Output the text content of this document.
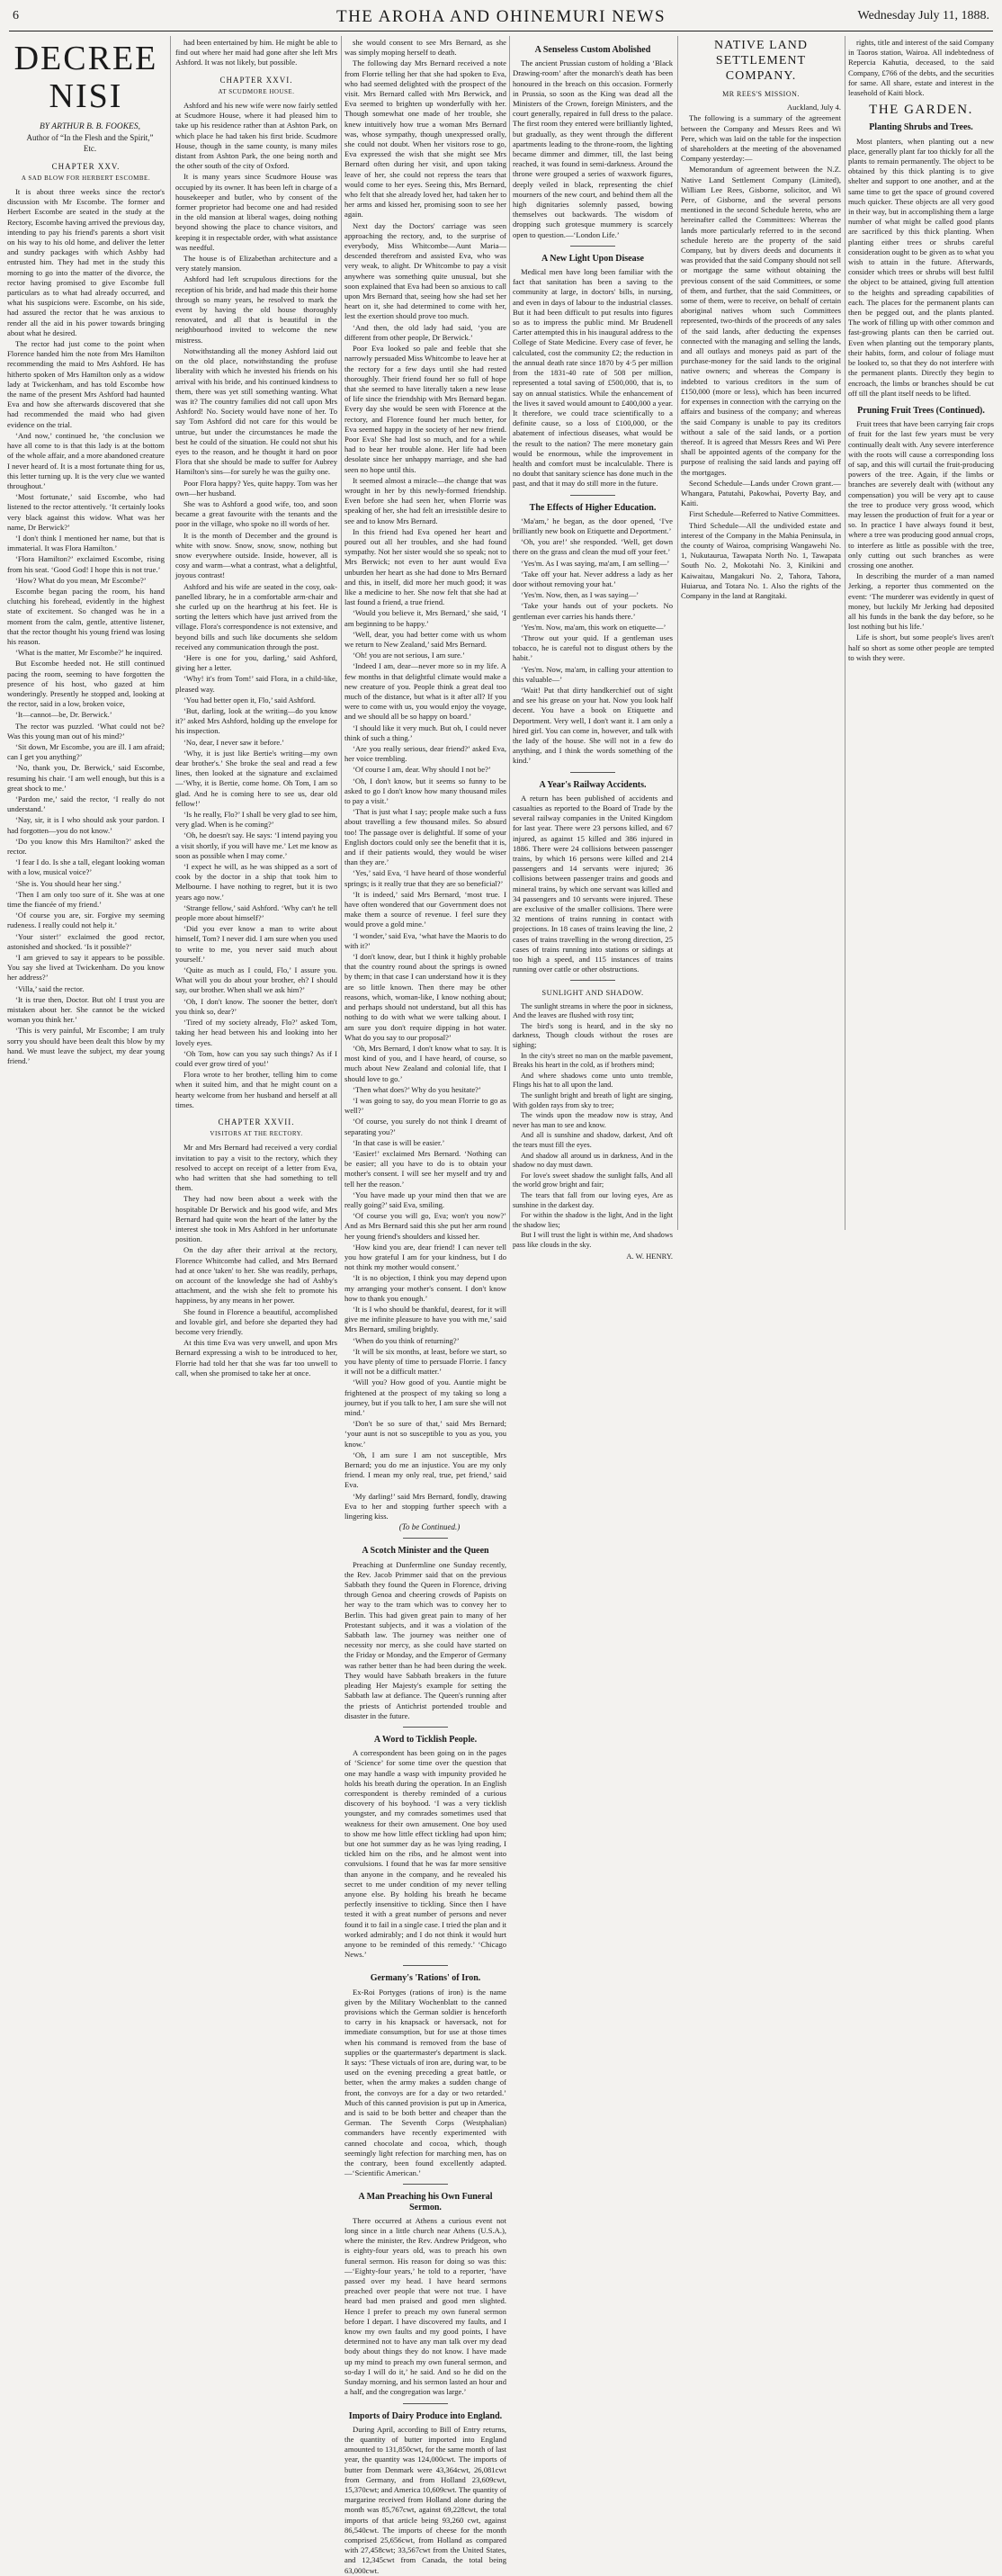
6	THE AROHA AND OHINEMURI NEWS	Wednesday July 11, 1888.
DECREE NISI

BY ARTHUR B. B. FOOKES,

Author of “In the Flesh and the Spirit,”

Etc.

CHAPTER XXV.
A SAD BLOW FOR HERBERT ESCOMBE.

It is about three weeks since the rector's discussion with Mr Escombe. The former and Herbert Escombe are seated in the study at the Rectory, Escombe having arrived the previous day, intending to pay his friend's parents a short visit on his way to his old home, and deliver the letter and sundry packages with which Ashby had entrusted him. They had met in the study this morning to go into the matter of the divorce, the rector having promised to give Escombe full particulars as to what had already occurred, and what his suspicions were. Escombe, on his side, had assured the rector that he was anxious to render all the aid in his power towards bringing about what he desired.

The rector had just come to the point when Florence handed him the note from Mrs Hamilton recommending the maid to Mrs Ashford. He has hitherto spoken of Mrs Hamilton only as a widow lady at Twickenham, and has told Escombe how the name of the present Mrs Ashford had haunted Eva and how she afterwards discovered that she had recommended the maid who had given evidence on the trial.

‘And now,’ continued he, ‘the conclusion we have all come to is that this lady is at the bottom of the whole affair, and a more abandoned creature I never heard of. It is a most fortunate thing for us, this letter turning up. It is the very clue we wanted throughout.’

‘Most fortunate,’ said Escombe, who had listened to the rector attentively. ‘It certainly looks very black against this widow. What was her name, Dr Berwick?’

‘I don't think I mentioned her name, but that is immaterial. It was Flora Hamilton.’

‘Flora Hamilton?’ exclaimed Escombe, rising from his seat. ‘Good God! I hope this is not true.’

‘How? What do you mean, Mr Escombe?’

Escombe began pacing the room, his hand clutching his forehead, evidently in the highest state of excitement. So changed was he in a moment from the calm, gentle, attentive listener, that the rector thought his young friend was losing his reason.

‘What is the matter, Mr Escombe?’ he inquired.

But Escombe heeded not. He still continued pacing the room, seeming to have forgotten the presence of his host, who gazed at him wonderingly. Presently he stopped and, looking at the rector, said in a low, broken voice,

‘It—cannot—be, Dr. Berwick.’

The rector was puzzled. ‘What could not be? Was this young man out of his mind?’

‘Sit down, Mr Escombe, you are ill. I am afraid; can I get you anything?’

‘No, thank you, Dr. Berwick,’ said Escombe, resuming his chair. ‘I am well enough, but this is a great shock to me.’

‘Pardon me,’ said the rector, ‘I really do not understand.’

‘Nay, sir, it is I who should ask your pardon. I had forgotten—you do not know.’

‘Do you know this Mrs Hamilton?’ asked the rector.

‘I fear I do. Is she a tall, elegant looking woman with a low, musical voice?’

‘She is. You should hear her sing.’

‘Then I am only too sure of it. She was at one time the fiancée of my friend.’

‘Of course you are, sir. Forgive my seeming rudeness. I really could not help it.’

‘Your sister!’ exclaimed the good rector, astonished and shocked. ‘Is it possible?’

‘I am grieved to say it appears to be possible. You say she lived at Twickenham. Do you know her address?’

‘Villa,’ said the rector.

‘It is true then, Doctor. But oh! I trust you are mistaken about her. She cannot be the wicked woman you think her.’

‘This is very painful, Mr Escombe; I am truly sorry you should have been dealt this blow by my hand. We must leave the subject, my dear young friend.’

had been entertained by him. He might be able to find out where her maid had gone after she left Mrs Ashford. It was not likely, but possible.

CHAPTER XXVI.
AT SCUDMORE HOUSE.

Ashford and his new wife were now fairly settled at Scudmore House, where it had pleased him to take up his residence rather than at Ashton Park, on which place he had taken his first bride. Scudmore House, though in the same county, is many miles distant from Ashton Park, the one being north and the other south of the city of Oxford.

It is many years since Scudmore House was occupied by its owner. It has been left in charge of a housekeeper and butler, who by consent of the former proprietor had become one and had resided in the old mansion at liberal wages, doing nothing beyond showing the place to chance visitors, and keeping it in respectable order, with what assistance was needful.

The house is of Elizabethan architecture and a very stately mansion.

Ashford had left scrupulous directions for the reception of his bride, and had made this their home through so many years, he resolved to mark the event by having the old house thoroughly renovated, and all that is beautiful in the neighbourhood invited to welcome the new mistress.

Notwithstanding all the money Ashford laid out on the old place, notwithstanding the profuse liberality with which he invested his friends on his arrival with his bride, and his continued kindness to them, there was yet still something wanting. What was it? The country families did not call upon Mrs Ashford! No. Society would have none of her. To say Tom Ashford did not care for this would be untrue, but under the circumstances he made the best he could of the situation. He could not shut his eyes to the reason, and he thought it hard on poor Flora that she should be made to suffer for Aubrey Hamilton's sins—for surely he was the guilty one.

Poor Flora happy? Yes, quite happy. Tom was her own—her husband.

She was to Ashford a good wife, too, and soon became a great favourite with the tenants and the poor in the village, who spoke no ill words of her.

It is the month of December and the ground is white with snow. Snow, snow, snow, nothing but snow everywhere outside. Inside, however, all is cosy and warm—what a contrast, what a delightful, joyous contrast!

Ashford and his wife are seated in the cosy, oak-panelled library, he in a comfortable arm-chair and she curled up on the hearthrug at his feet. He is sorting the letters which have just arrived from the village. Flora's correspondence is not extensive, and beyond bills and such like documents she seldom received any communication through the post.

‘Here is one for you, darling,’ said Ashford, giving her a letter.

‘Why! it's from Tom!’ said Flora, in a child-like, pleased way.

‘You had better open it, Flo,’ said Ashford.

‘But, darling, look at the writing—do you know it?’ asked Mrs Ashford, holding up the envelope for his inspection.

‘No, dear, I never saw it before.’

‘Why, it is just like Bertie's writing—my own dear brother's.’ She broke the seal and read a few lines, then looked at the signature and exclaimed—‘Why, it is Bertie, come home. Oh Tom, I am so glad. And he is coming here to see us, dear old fellow!’

‘Is he really, Flo?’ I shall be very glad to see him, very glad. When is he coming?’

‘Oh, he doesn't say. He says: ‘I intend paying you a visit shortly, if you will have me.’ Let me know as soon as possible when I may come.’

‘I expect he will, as he was shipped as a sort of cook by the doctor in a ship that took him to Melbourne. I have nothing to regret, but it is two years ago now.’

‘Strange fellow,’ said Ashford. ‘Why can't he tell people more about himself?’

‘Did you ever know a man to write about himself, Tom? I never did. I am sure when you used to write to me, you never said much about yourself.’

‘Quite as much as I could, Flo,’ I assure you. What will you do about your brother, eh? I should say, our brother. When shall we ask him?’

‘Oh, I don't know. The sooner the better, don't you think so, dear?’

‘Tired of my society already, Flo?’ asked Tom, taking her head between his and looking into her lovely eyes.

‘Oh Tom, how can you say such things? As if I could ever grow tired of you!’

Flora wrote to her brother, telling him to come when it suited him, and that he might count on a hearty welcome from her husband and herself at all times.

CHAPTER XXVII.
VISITORS AT THE RECTORY.

Mr and Mrs Bernard had received a very cordial invitation to pay a visit to the rectory, which they resolved to accept on receipt of a letter from Eva, who had written that she had something to tell them.

They had now been about a week with the hospitable Dr Berwick and his good wife, and Mrs Bernard had quite won the heart of the latter by the interest she took in Mrs Ashford in her unfortunate position.

On the day after their arrival at the rectory, Florence Whitcombe had called, and Mrs Bernard had at once 'taken' to her. She was readily, perhaps, on account of the knowledge she had of Ashby's attachment, and the wish she felt to promote his happiness, by any means in her power.

She found in Florence a beautiful, accomplished and lovable girl, and before she departed they had become very friendly.

At this time Eva was very unwell, and upon Mrs Bernard expressing a wish to be introduced to her, Florrie had told her that she was far too unwell to call, when she promised to take her at once.

she would consent to see Mrs Bernard, as she was simply moping herself to death.

The following day Mrs Bernard received a note from Florrie telling her that she had spoken to Eva, who had seemed delighted with the prospect of the visit. Mrs Bernard called with Mrs Berwick, and Eva seemed to brighten up wonderfully with her. Though somewhat one made of her trouble, she knew intuitively how true a woman Mrs Bernard was, whose sympathy, though unexpressed orally, she could not doubt. When her visitors rose to go, Eva expressed the wish that she might see Mrs Bernard often during her visit, and upon taking leave of her, she could not repress the tears that would come to her eyes. Seeing this, Mrs Bernard, who felt that she already loved her, had taken her to her arms and kissed her, promising soon to see her again.

Next day the Doctors' carriage was seen approaching the rectory, and, to the surprise of everybody, Miss Whitcombe—Aunt Maria—descended therefrom and assisted Eva, who was very weak, to alight. Dr Whitcombe to pay a visit anywhere was something quite unusual, but she soon explained that Eva had been so anxious to call upon Mrs Bernard that, seeing how she had set her heart on it, she had determined to come with her, lest the exertion should prove too much.

‘And then, the old lady had said, ‘you are different from other people, Dr Berwick.’

Poor Eva looked so pale and feeble that she narrowly persuaded Miss Whitcombe to leave her at the rectory for a few days until she had rested thoroughly. Their friend found her so full of hope that she seemed to have literally taken a new lease of life since the friendship with Mrs Bernard began. Every day she would be seen with Florence at the rectory, and Florence found her much better, for Eva seemed happy in the society of her new friend. Poor Eva! She had lost so much, and for a while had to bear her trouble alone. Her life had been desolate since her unhappy marriage, and she had seen no hope until this.

It seemed almost a miracle—the change that was wrought in her by this newly-formed friendship. Even before she had seen her, when Florrie was speaking of her, she had felt an irresistible desire to see and to know Mrs Bernard.

In this friend had Eva opened her heart and poured out all her troubles, and she had found sympathy. Not her sister would she so speak; not to Mrs Berwick; not even to her aunt would Eva unburden her heart as she had done to Mrs Bernard and this, in itself, did more her much good; it was like a medicine to her. She now felt that she had at last found a friend, a true friend.

‘Would you believe it, Mrs Bernard,’ she said, ‘I am beginning to be happy.’

‘Well, dear, you had better come with us whom we return to New Zealand,’ said Mrs Bernard.

‘Oh! you are not serious, I am sure.’

‘Indeed I am, dear—never more so in my life. A few months in that delightful climate would make a new creature of you. People think a great deal too much of the distance, but what is it after all? If you were to come with us, you would enjoy the voyage, and we should all be so happy on board.’

‘I should like it very much. But oh, I could never think of such a thing.’

‘Are you really serious, dear friend?’ asked Eva, her voice trembling.

‘Of course I am, dear. Why should I not be?’

‘Oh, I don't know, but it seems so funny to be asked to go I don't know how many thousand miles to pay a visit.’

‘That is just what I say; people make such a fuss about travelling a few thousand miles. So absurd too! The passage over is delightful. If some of your English doctors could only see the benefit that it is, and if their patients would, they would be wiser than they are.’

‘Yes,’ said Eva, ‘I have heard of those wonderful springs; is it really true that they are so beneficial?’

‘It is indeed,’ said Mrs Bernard, ‘most true. I have often wondered that our Government does not make them a source of revenue. I feel sure they would prove a gold mine.’

‘I wonder,’ said Eva, ‘what have the Maoris to do with it?’

‘I don't know, dear, but I think it highly probable that the country round about the springs is owned by them; in that case I can understand how it is they are so little known. Then there may be other reasons, which, woman-like, I know nothing about; and perhaps should not understand, but all this has nothing to do with what we were talking about. I am sure you don't require dipping in hot water. What do you say to our proposal?’

‘Oh, Mrs Bernard, I don't know what to say. It is most kind of you, and I have heard, of course, so much about New Zealand and colonial life, that I should love to go.’

‘Then what does?’ Why do you hesitate?’

‘I was going to say, do you mean Florrie to go as well?’

‘Of course, you surely do not think I dreamt of separating you?’

‘In that case is will be easier.’

‘Easier!’ exclaimed Mrs Bernard. ‘Nothing can be easier; all you have to do is to obtain your mother's consent. I will see her myself and try and tell her the reason.’

‘You have made up your mind then that we are really going?’ said Eva, smiling.

‘Of course you will go, Eva; won't you now?’ And as Mrs Bernard said this she put her arm round her young friend's shoulders and kissed her.

‘How kind you are, dear friend! I can never tell you how grateful I am for your kindness, but I do not think my mother would consent.’

‘It is no objection, I think you may depend upon my arranging your mother's consent. I don't know how to thank you enough.’

‘It is I who should be thankful, dearest, for it will give me infinite pleasure to have you with me,’ said Mrs Bernard, smiling brightly.

‘When do you think of returning?’

‘It will be six months, at least, before we start, so you have plenty of time to persuade Florrie. I fancy it will not be a difficult matter.’

‘Will you? How good of you. Auntie might be frightened at the prospect of my taking so long a journey, but if you talk to her, I am sure she will not mind.’

‘Don't be so sure of that,’ said Mrs Bernard; ‘your aunt is not so susceptible to you as you, you know.’

‘Oh, I am sure I am not susceptible, Mrs Bernard; you do me an injustice. You are my only friend. I mean my only real, true, pet friend,’ said Eva.

‘My darling!’ said Mrs Bernard, fondly, drawing Eva to her and stopping further speech with a lingering kiss.

(To be Continued.)

A Scotch Minister and the Queen

Preaching at Dunfermline one Sunday recently, the Rev. Jacob Primmer said that on the previous Sabbath they found the Queen in Florence, driving through Genoa and cheering crowds of Papists on her way to the tram which was to convey her to Berlin. This had given great pain to many of her Protestant subjects, and it was a violation of the Sabbath law. The journey was neither one of necessity nor mercy, as she could have started on the Friday or Monday, and the Emperor of Germany was rather better than he had been during the week. They would have Sabbath breakers in the future pleading Her Majesty's example for setting the Sabbath law at defiance. The Queen's running after the priests of Antichrist portended trouble and disaster in the future.

A Word to Ticklish People.

A correspondent has been going on in the pages of ‘Science’ for some time over the question that one may handle a wasp with impunity provided he holds his breath during the operation. In an English correspondent is thereby reminded of a curious discovery of his boyhood. ‘I was a very ticklish youngster, and my comrades sometimes used that weakness for their own amusement. One boy used to show me how little effect tickling had upon him; but one hot summer day as he was lying reading, I tickled him on the ribs, and he almost went into convulsions. I found that he was far more sensitive than anyone in the company, and he revealed his secret to me under condition of my never telling anyone else. By holding his breath he became perfectly insensitive to tickling. Since then I have tested it with a great number of persons and never found it to fail in a single case. I tried the plan and it worked admirably; and I do not think it would hurt anyone to be reminded of this remedy.’ ‘Chicago News.’

Germany's 'Rations' of Iron.

Ex-Roi Portyges (rations of iron) is the name given by the Military Wochenblatt to the canned provisions which the German soldier is henceforth to carry in his knapsack or haversack, not for immediate consumption, but for use at those times when his command is removed from the base of supplies or the quartermaster's department is slack. It says: ‘These victuals of iron are, during war, to be used on the evening preceding a great battle, or better, when the army makes a sudden change of front, the convoys are for a day or two retarded.’ Much of this canned provision is put up in America, and is said to be both better and cheaper than the German. The Seventh Corps (Westphalian) commanders have recently experimented with canned chocolate and cocoa, which, though seemingly light refection for marching men, has on the contrary, been found excellently adapted.—‘Scientific American.’

A Man Preaching his Own Funeral Sermon.

There occurred at Athens a curious event not long since in a little church near Athens (U.S.A.), where the minister, the Rev. Andrew Pridgeon, who is eighty-four years old, was to preach his own funeral sermon. His reason for doing so was this:—‘Eighty-four years,’ he told to a reporter, ‘have passed over my head. I have heard sermons preached over people that were not true. I have heard bad men praised and good men slighted. Hence I prefer to preach my own funeral sermon before I depart. I have discovered my faults, and I know my own faults and my good points, I have determined not to have any man talk over my dead body about things they do not know. I have made up my mind to preach my own funeral sermon, and so-day I will do it,’ he said. And so he did on the Sunday morning, and his sermon lasted an hour and a half, and the congregation was large.’

Imports of Dairy Produce into England.

During April, according to Bill of Entry returns, the quantity of butter imported into England amounted to 131,850cwt, for the same month of last year, the quantity was 124,000cwt. The imports of butter from Denmark were 43,364cwt, 26,081cwt from Germany, and from Holland 23,609cwt, 15,370cwt; and America 10,609cwt. The quantity of margarine received from Holland alone during the month was 85,767cwt, against 69,228cwt, the total imports of that article being 93,260 cwt, against 86,540cwt. The imports of cheese for the month comprised 25,656cwt, from Holland as compared with 27,458cwt; 33,567cwt from the United States, and 12,345cwt from Canada, the total being 63,000cwt.

A Senseless Custom Abolished

The ancient Prussian custom of holding a ‘Black Drawing-room’ after the monarch's death has been honoured in the breach on this occasion. Formerly in Prussia, so soon as the King was dead all the Ministers of the Crown, foreign Ministers, and the court generally, repaired in full dress to the palace. The first room they entered were brilliantly lighted, but gradually, as they went through the different apartments leading to the throne-room, the lighting became dimmer and dimmer, till, the last being reached, it was found in semi-darkness. Around the throne were grouped a series of waxwork figures, deeply veiled in black, representing the chief mourners of the new court, and behind them all the high dignitaries solemnly passed, bowing themselves out backwards. The wisdom of dropping such grotesque mummery is scarcely open to question.—‘London Life.’

A New Light Upon Disease

Medical men have long been familiar with the fact that sanitation has been a saving to the community at large, in doctors' bills, in nursing, and even in days of labour to the industrial classes. But it had been difficult to put results into figures so as to impress the public mind. Mr Brudenell Carter attempted this in his inaugural address to the College of State Medicine. Every case of fever, he calculated, cost the community £2; the reduction in the annual death rate since 1870 by 4·5 per million from the 1831-40 rate of 508 per million, represented a total saving of £500,000, that is, to say on annual statistics. While the enhancement of the lives it saved would amount to £400,000 a year. It therefore, we could trace scientifically to a definite cause, so a loss of £100,000, or the abatement of infectious diseases, what would be the result to the nation? The mere monetary gain would be enormous, while the improvement in health and comfort must be incalculable. There is no doubt that sanitary science has done much in the past, and that it may do still more in the future.

The Effects of Higher Education.

‘Ma'am,’ he began, as the door opened, ‘I've brilliantly new book on Etiquette and Deportment.’

‘Oh, you are!’ she responded. ‘Well, get down there on the grass and clean the mud off your feet.’

‘Yes'm. As I was saying, ma'am, I am selling—’

‘Take off your hat. Never address a lady as her door without removing your hat.’

‘Yes'm. Now, then, as I was saying—’

‘Take your hands out of your pockets. No gentleman ever carries his hands there.’

‘Yes'm. Now, ma'am, this work on etiquette—’

‘Throw out your quid. If a gentleman uses tobacco, he is careful not to disgust others by the habit.’

‘Yes'm. Now, ma'am, in calling your attention to this valuable—’

‘Wait! Put that dirty handkerchief out of sight and see his grease on your hat. Now you look half decent. You have a book on Etiquette and Deportment. Very well, I don't want it. I am only a hired girl. You can come in, however, and talk with the lady of the house. She will not in a few do anything, and I think the words something of the kind.’

A Year's Railway Accidents.

A return has been published of accidents and casualties as reported to the Board of Trade by the several railway companies in the United Kingdom for last year. There were 23 persons killed, and 67 injured, as against 15 killed and 386 injured in 1886. There were 24 collisions between passenger trains, by which 16 persons were killed and 214 passengers and 14 servants were injured; 36 collisions between passenger trains and goods and mineral trains, by which one servant was killed and 34 passengers and 10 servants were injured. These are exclusive of the smaller collisions. There were 32 mentions of trains running in contact with projections. In 18 cases of trains leaving the line, 2 cases of trains travelling in the wrong direction, 25 cases of trains running into stations or sidings at too high a speed, and 115 instances of trains running over cattle or other obstructions.

SUNLIGHT AND SHADOW.

The sunlight streams in where the poor in sickness, And the leaves are flushed with rosy tint;

The bird's song is heard, and in the sky no darkness, Though clouds without the roses are sighing;

In the city's street no man on the marble pavement, Breaks his heart in the cold, as if brothers mind;

And where shadows come unto unto tremble, Flings his hat to all upon the land.

The sunlight bright and breath of light are singing, With golden rays from sky to tree;

The winds upon the meadow now is stray, And never has man to see and know.

And all is sunshine and shadow, darkest, And oft the tears must fill the eyes.

And shadow all around us in darkness, And in the shadow no day must dawn.

For love's sweet shadow the sunlight falls, And all the world grow bright and fair;

The tears that fall from our loving eyes, Are as sunshine in the darkest day.

For within the shadow is the light, And in the light the shadow lies;

But I will trust the light is within me, And shadows pass like clouds in the sky.

A. W. HENRY.

NATIVE LAND SETTLEMENT COMPANY.
MR REES'S MISSION.

Auckland, July 4.

The following is a summary of the agreement between the Company and Messrs Rees and Wi Pere, which was laid on the table for the inspection of shareholders at the meeting of the abovenamed Company yesterday:—

Memorandum of agreement between the N.Z. Native Land Settlement Company (Limited), William Lee Rees, Gisborne, solicitor, and Wi Pere, of Gisborne, and the several persons mentioned in the second Schedule hereto, who are hereinafter called the Committees: Whereas the lands more particularly referred to in the second schedule hereto are the property of the said Company, but by divers deeds and documents it was provided that the said Company should not sell or mortgage the same without obtaining the previous consent of the said Committees, or some of them, and further, that the said Committees, or some of them, were to receive, on behalf of certain aboriginal natives whom such Committees represented, two-thirds of the proceeds of any sales of the said lands, after deducting the expenses connected with the managing and selling the lands, and all outlays and moneys paid as part of the purchase-money for the said lands to the original native owners; and whereas the Company is indebted to various creditors in the sum of £150,000 (more or less), which has been incurred for expenses in connection with the carrying on the affairs and business of the company; and whereas the said Company is unable to pay its creditors without a sale of the said lands, or a portion thereof. It is agreed that Messrs Rees and Wi Pere shall be appointed agents of the company for the purpose of realising the said lands and paying off the mortgages.

Second Schedule—Lands under Crown grant.—Whangara, Patutahi, Pakowhai, Poverty Bay, and Kaiti.

First Schedule—Referred to Native Committees.

Third Schedule—All the undivided estate and interest of the Company in the Mahia Peninsula, in the county of Wairoa, comprising Wangawehi No. 1, Nukutaurua, Tawapata North No. 1, Tawapata South No. 2, Mokotahi No. 3, Kinikini and Kaiwaitau, Mangakuri No. 2, Tahora, Tahora, Huiarua, and Totara No. 1. Also the rights of the Company in the land at Rangitaki.

rights, title and interest of the said Company in Taoros station, Wairoa. All indebtedness of Repercia Kahutia, deceased, to the said Company, £766 of the debts, and the securities for same. All share, estate and interest in the leasehold of Kaiti block.

THE GARDEN.
Planting Shrubs and Trees.

Most planters, when planting out a new place, generally plant far too thickly for all the plants to remain permanently. The object to be obtained by this thick planting is to give shelter and support to one another, and at the same time to get the space of ground covered much quicker. These objects are all very good in their way, but in accomplishing them a large number of what might be called good plants are sacrificed by this thick planting. When planting either trees or shrubs careful consideration ought to be given as to what you wish to attain in the future. Afterwards, consider which trees or shrubs will best fulfil the object to be attained, giving full attention to the heights and spreading capabilities of each. The places for the permanent plants can then be pegged out, and the plants planted. The work of filling up with other common and fast-growing plants can then be carried out. Even when planting out the temporary plants, their habits, form, and colour of foliage must be looked to, so that they do not interfere with the permanent plants. Directly they begin to encroach, the limbs or branches should be cut off till the plant itself needs to be lifted.

Pruning Fruit Trees (Continued).

Fruit trees that have been carrying fair crops of fruit for the last few years must be very continually dealt with. Any severe interference with the roots will cause a corresponding loss of sap, and this will curtail the fruit-producing powers of the tree. Again, if the limbs or branches are severely dealt with (without any compensation) you will be very apt to cause the tree to produce very gross wood, which may lessen the production of fruit for a year or so. In practice I have always found it best, where a tree was producing good annual crops, to interfere as little as possible with the tree, only cutting out such branches as were crossing one another.

In describing the murder of a man named Jerking, a reporter thus commented on the event: ‘The murderer was evidently in quest of money, but luckily Mr Jerking had deposited all his funds in the bank the day before, so he lost nothing but his life.’

Life is short, but some people's lives aren't half so short as some other people are tempted to wish they were.
